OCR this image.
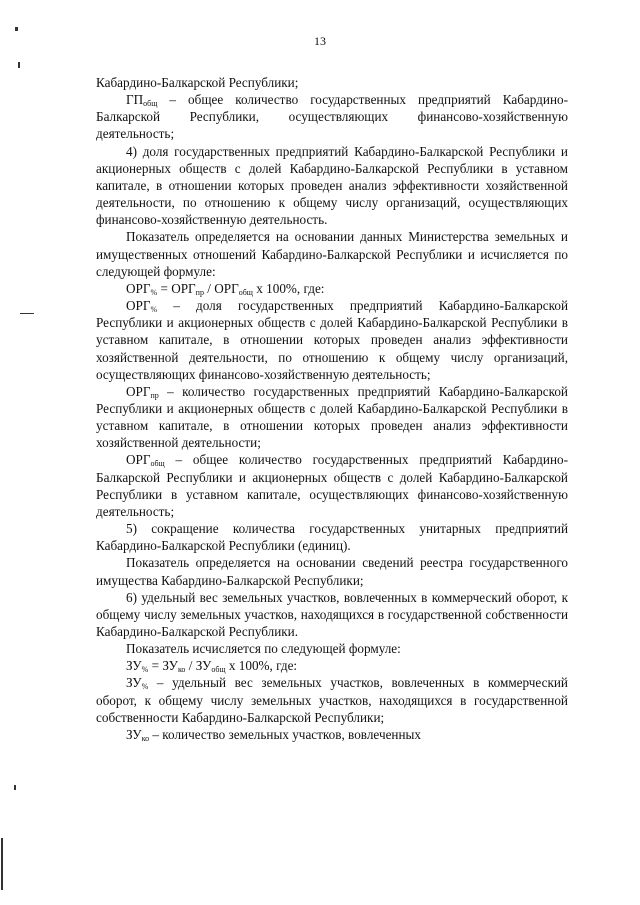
13

Кабардино-Балкарской Республики;

$ГП_{общ}$ – общее количество государственных предприятий Кабардино-Балкарской Республики, осуществляющих финансово-хозяйственную деятельность;

4) доля государственных предприятий Кабардино-Балкарской Республики и акционерных обществ с долей Кабардино-Балкарской Республики в уставном капитале, в отношении которых проведен анализ эффективности хозяйственной деятельности, по отношению к общему числу организаций, осуществляющих финансово-хозяйственную деятельность.

Показатель определяется на основании данных Министерства земельных и имущественных отношений Кабардино-Балкарской Республики и исчисляется по следующей формуле:

$ОРГ_{\%} = ОРГ_{пр} / ОРГ_{общ}$ х 100%, где:

$ОРГ_{\%}$ – доля государственных предприятий Кабардино-Балкарской Республики и акционерных обществ с долей Кабардино-Балкарской Республики в уставном капитале, в отношении которых проведен анализ эффективности хозяйственной деятельности, по отношению к общему числу организаций, осуществляющих финансово-хозяйственную деятельность;

$ОРГ_{пр}$ – количество государственных предприятий Кабардино-Балкарской Республики и акционерных обществ с долей Кабардино-Балкарской Республики в уставном капитале, в отношении которых проведен анализ эффективности хозяйственной деятельности;

$ОРГ_{общ}$ – общее количество государственных предприятий Кабардино-Балкарской Республики и акционерных обществ с долей Кабардино-Балкарской Республики в уставном капитале, осуществляющих финансово-хозяйственную деятельность;

5) сокращение количества государственных унитарных предприятий Кабардино-Балкарской Республики (единиц).

Показатель определяется на основании сведений реестра государственного имущества Кабардино-Балкарской Республики;

6) удельный вес земельных участков, вовлеченных в коммерческий оборот, к общему числу земельных участков, находящихся в государственной собственности Кабардино-Балкарской Республики.

Показатель исчисляется по следующей формуле:

$ЗУ_{\%} = ЗУ_{ко} / ЗУ_{общ}$ х 100%, где:

$ЗУ_{\%}$ – удельный вес земельных участков, вовлеченных в коммерческий оборот, к общему числу земельных участков, находящихся в государственной собственности Кабардино-Балкарской Республики;

$ЗУ_{ко}$ – количество земельных участков, вовлеченных
